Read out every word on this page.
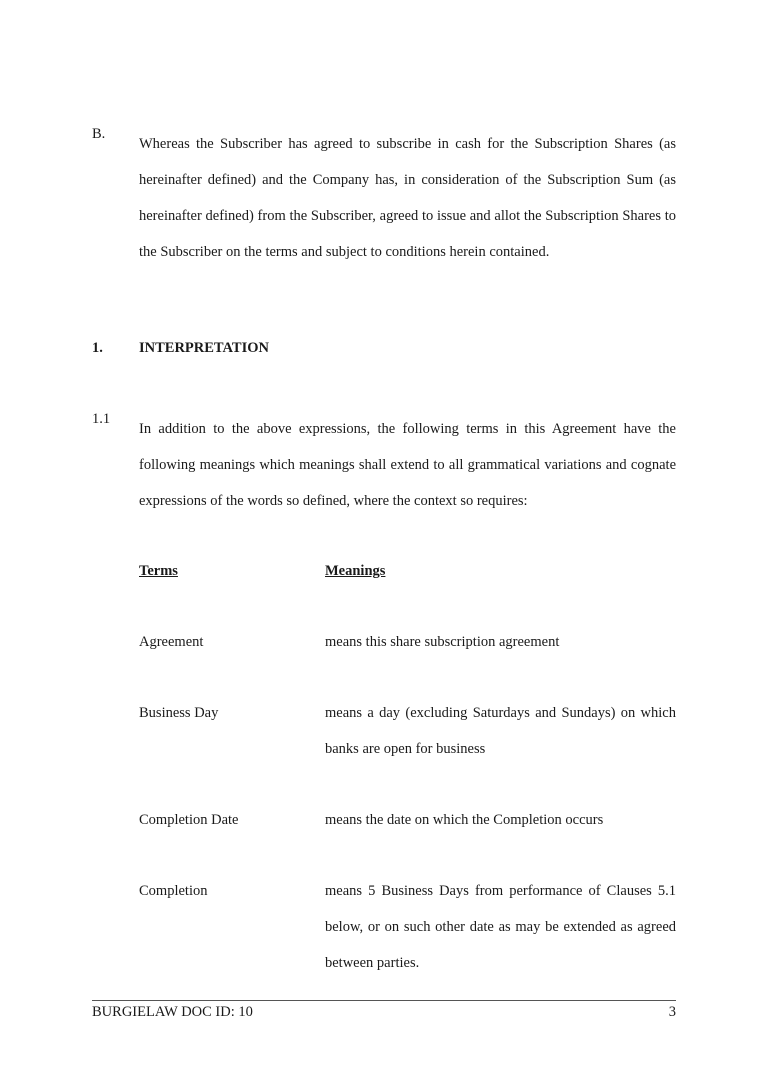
B.
Whereas the Subscriber has agreed to subscribe in cash for the Subscription Shares (as hereinafter defined) and the Company has, in consideration of the Subscription Sum (as hereinafter defined) from the Subscriber, agreed to issue and allot the Subscription Shares to the Subscriber on the terms and subject to conditions herein contained.
1. INTERPRETATION
1.1
In addition to the above expressions, the following terms in this Agreement have the following meanings which meanings shall extend to all grammatical variations and cognate expressions of the words so defined, where the context so requires:
Terms	Meanings
Agreement	means this share subscription agreement
Business Day	means a day (excluding Saturdays and Sundays) on which banks are open for business
Completion Date	means the date on which the Completion occurs
Completion	means 5 Business Days from performance of Clauses 5.1 below, or on such other date as may be extended as agreed between parties.
BURGIELAW DOC ID: 10	3
